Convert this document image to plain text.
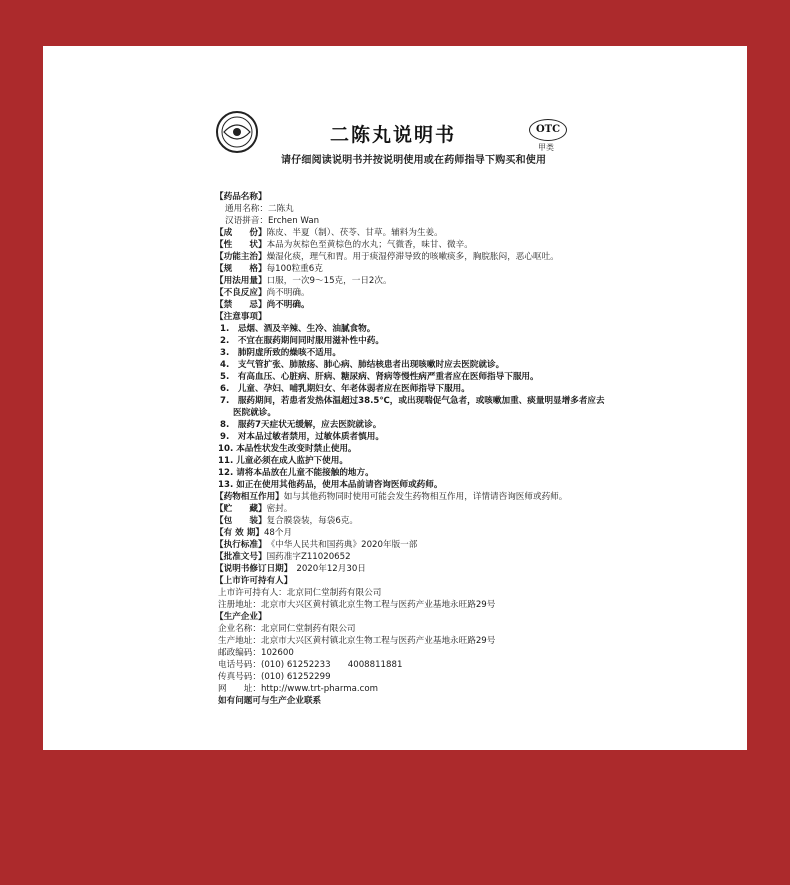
二陈丸说明书
请仔细阅读说明书并按说明使用或在药师指导下购买和使用
OTC
甲类
【药品名称】
通用名称：二陈丸
汉语拼音：Erchen Wan
【成　　份】陈皮、半夏（制）、茯苓、甘草。辅料为生姜。
【性　　状】本品为灰棕色至黄棕色的水丸；气微香，味甘、微辛。
【功能主治】燥湿化痰，理气和胃。用于痰湿停滞导致的咳嗽痰多，胸脘胀闷，恶心呕吐。
【规　　格】每100粒重6克
【用法用量】口服，一次9～15克，一日2次。
【不良反应】尚不明确。
【禁　　忌】尚不明确。
【注意事项】
1.　忌烟、酒及辛辣、生冷、油腻食物。
2.　不宜在服药期间同时服用滋补性中药。
3.　肺阴虚所致的燥咳不适用。
4.　支气管扩张、肺脓疡、肺心病、肺结核患者出现咳嗽时应去医院就诊。
5.　有高血压、心脏病、肝病、糖尿病、肾病等慢性病严重者应在医师指导下服用。
6.　儿童、孕妇、哺乳期妇女、年老体弱者应在医师指导下服用。
7.　服药期间，若患者发热体温超过38.5℃，或出现喘促气急者，或咳嗽加重、痰量明显增多者应去
医院就诊。
8.　服药7天症状无缓解，应去医院就诊。
9.　对本品过敏者禁用，过敏体质者慎用。
10. 本品性状发生改变时禁止使用。
11. 儿童必须在成人监护下使用。
12. 请将本品放在儿童不能接触的地方。
13. 如正在使用其他药品，使用本品前请咨询医师或药师。
【药物相互作用】如与其他药物同时使用可能会发生药物相互作用，详情请咨询医师或药师。
【贮　　藏】密封。
【包　　装】复合膜袋装，每袋6克。
【有 效 期】48个月
【执行标准】《中华人民共和国药典》2020年版一部
【批准文号】国药准字Z11020652
【说明书修订日期】 2020年12月30日
【上市许可持有人】
上市许可持有人：北京同仁堂制药有限公司
注册地址：北京市大兴区黄村镇北京生物工程与医药产业基地永旺路29号
【生产企业】
企业名称：北京同仁堂制药有限公司
生产地址：北京市大兴区黄村镇北京生物工程与医药产业基地永旺路29号
邮政编码：102600
电话号码：(010) 61252233　　4008811881
传真号码：(010) 61252299
网　　址：http://www.trt-pharma.com
如有问题可与生产企业联系
